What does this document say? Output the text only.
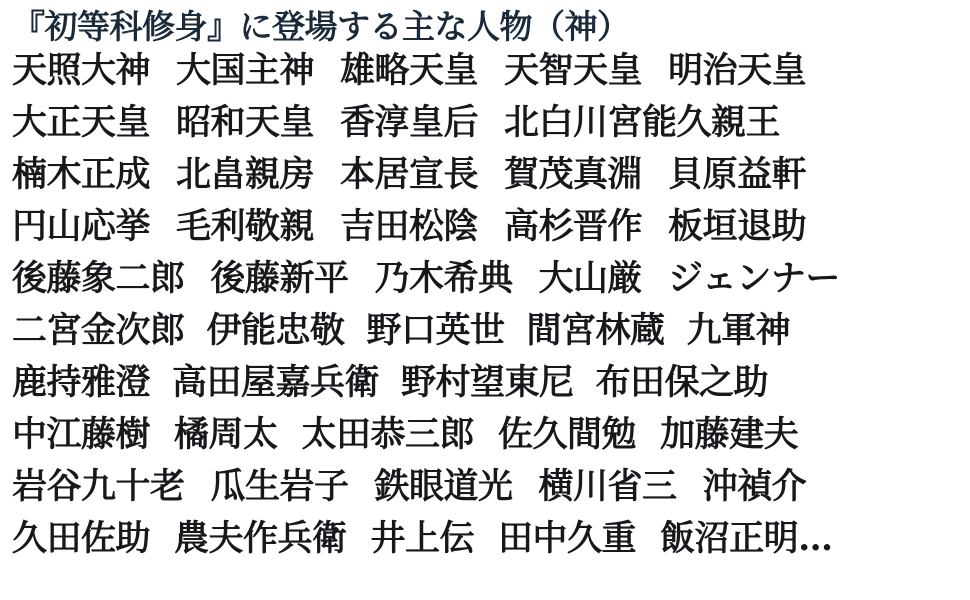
『初等科修身』に登場する主な人物（神）
天照大神 大国主神 雄略天皇 天智天皇 明治天皇
大正天皇 昭和天皇 香淳皇后 北白川宮能久親王
楠木正成 北畠親房 本居宣長 賀茂真淵 貝原益軒
円山応挙 毛利敬親 吉田松陰 高杉晋作 板垣退助
後藤象二郎 後藤新平 乃木希典 大山厳 ジェンナー
二宮金次郎 伊能忠敬 野口英世 間宮林蔵 九軍神
鹿持雅澄 高田屋嘉兵衛 野村望東尼 布田保之助
中江藤樹 橘周太 太田恭三郎 佐久間勉 加藤建夫
岩谷九十老 瓜生岩子 鉄眼道光 横川省三 沖禎介
久田佐助 農夫作兵衛 井上伝 田中久重 飯沼正明…
